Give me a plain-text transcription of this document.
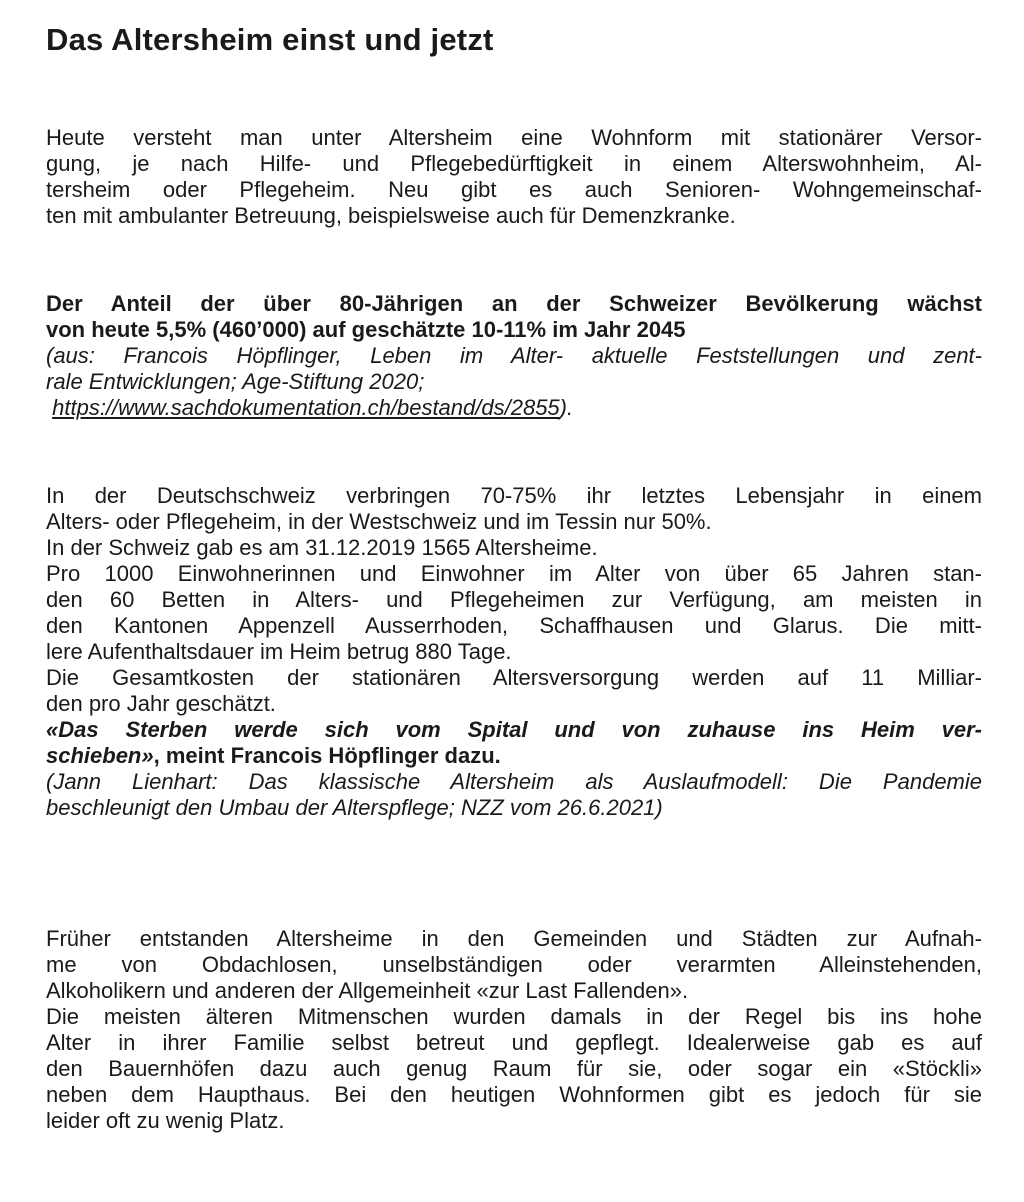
Das Altersheim einst und jetzt
Heute versteht man unter Altersheim eine Wohnform mit stationärer Versor-
gung, je nach Hilfe- und Pflegebedürftigkeit in einem Alterswohnheim, Al-
tersheim oder Pflegeheim. Neu gibt es auch Senioren- Wohngemeinschaf-
ten mit ambulanter Betreuung, beispielsweise auch für Demenzkranke.
Der Anteil der über 80-Jährigen an der Schweizer Bevölkerung wächst
von heute 5,5% (460’000) auf geschätzte 10-11% im Jahr 2045
(aus: Francois Höpflinger, Leben im Alter- aktuelle Feststellungen und zent-
rale Entwicklungen; Age-Stiftung 2020;
https://www.sachdokumentation.ch/bestand/ds/2855).
In der Deutschschweiz verbringen 70-75% ihr letztes Lebensjahr in einem
Alters- oder Pflegeheim, in der Westschweiz und im Tessin nur 50%.
In der Schweiz gab es am 31.12.2019 1565 Altersheime.
Pro 1000 Einwohnerinnen und Einwohner im Alter von über 65 Jahren stan-
den 60 Betten in Alters- und Pflegeheimen zur Verfügung, am meisten in
den Kantonen Appenzell Ausserrhoden, Schaffhausen und Glarus. Die mitt-
lere Aufenthaltsdauer im Heim betrug 880 Tage.
Die Gesamtkosten der stationären Altersversorgung werden auf 11 Milliar-
den pro Jahr geschätzt.
«Das Sterben werde sich vom Spital und von zuhause ins Heim ver-
schieben», meint Francois Höpflinger dazu.
(Jann Lienhart: Das klassische Altersheim als Auslaufmodell: Die Pandemie
beschleunigt den Umbau der Alterspflege; NZZ vom 26.6.2021)
Früher entstanden Altersheime in den Gemeinden und Städten zur Aufnah-
me von Obdachlosen, unselbständigen oder verarmten Alleinstehenden,
Alkoholikern und anderen der Allgemeinheit «zur Last Fallenden».
Die meisten älteren Mitmenschen wurden damals in der Regel bis ins hohe
Alter in ihrer Familie selbst betreut und gepflegt. Idealerweise gab es auf
den Bauernhöfen dazu auch genug Raum für sie, oder sogar ein «Stöckli»
neben dem Haupthaus. Bei den heutigen Wohnformen gibt es jedoch für sie
leider oft zu wenig Platz.
